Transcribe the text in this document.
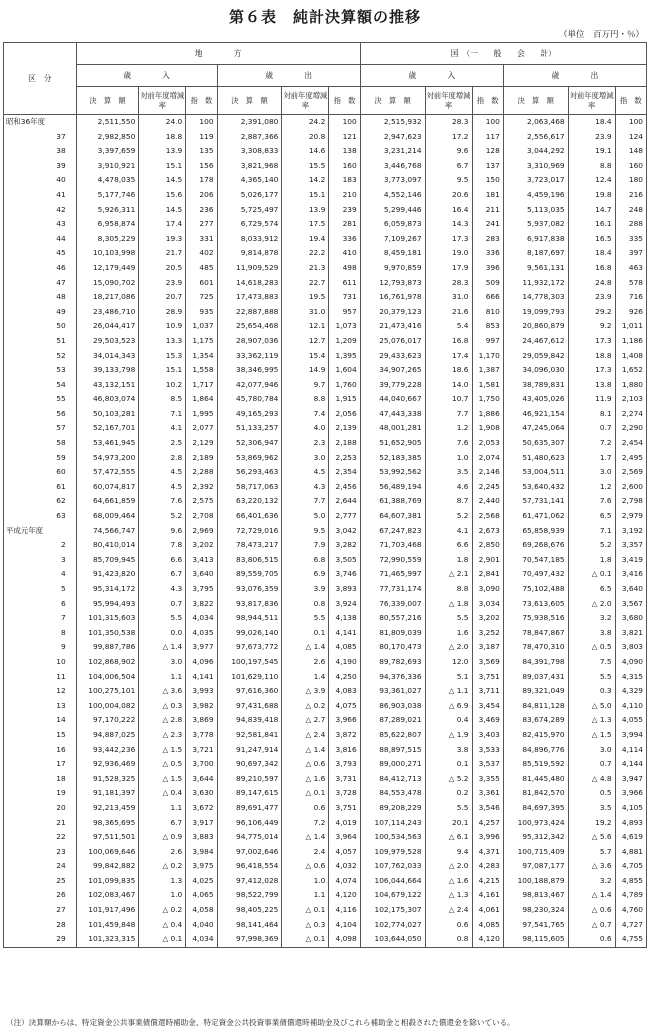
第６表　純計決算額の推移
（単位　百万円・％）
区　分	地　　　　方						国　（一　　般　　会　　計）					
	歳　　　　入			歳　　　　出			歳　　　　入			歳　　　　出		
	決　算　額	対前年度増減率	指　数	決　算　額	対前年度増減率	指　数	決　算　額	対前年度増減率	指　数	決　算　額	対前年度増減率	指　数
昭和36年度	2,511,550	24.0	100	2,391,080	24.2	100	2,515,932	28.3	100	2,063,468	18.4	100
37	2,982,850	18.8	119	2,887,366	20.8	121	2,947,623	17.2	117	2,556,617	23.9	124
38	3,397,659	13.9	135	3,308,833	14.6	138	3,231,214	9.6	128	3,044,292	19.1	148
39	3,910,921	15.1	156	3,821,968	15.5	160	3,446,768	6.7	137	3,310,969	8.8	160
40	4,478,035	14.5	178	4,365,140	14.2	183	3,773,097	9.5	150	3,723,017	12.4	180
41	5,177,746	15.6	206	5,026,177	15.1	210	4,552,146	20.6	181	4,459,196	19.8	216
42	5,926,311	14.5	236	5,725,497	13.9	239	5,299,446	16.4	211	5,113,035	14.7	248
43	6,958,874	17.4	277	6,729,574	17.5	281	6,059,873	14.3	241	5,937,082	16.1	288
44	8,305,229	19.3	331	8,033,912	19.4	336	7,109,267	17.3	283	6,917,838	16.5	335
45	10,103,998	21.7	402	9,814,878	22.2	410	8,459,181	19.0	336	8,187,697	18.4	397
46	12,179,449	20.5	485	11,909,529	21.3	498	9,970,859	17.9	396	9,561,131	16.8	463
47	15,090,702	23.9	601	14,618,283	22.7	611	12,793,873	28.3	509	11,932,172	24.8	578
48	18,217,086	20.7	725	17,473,883	19.5	731	16,761,978	31.0	666	14,778,303	23.9	716
49	23,486,710	28.9	935	22,887,888	31.0	957	20,379,123	21.6	810	19,099,793	29.2	926
50	26,044,417	10.9	1,037	25,654,468	12.1	1,073	21,473,416	5.4	853	20,860,879	9.2	1,011
51	29,503,523	13.3	1,175	28,907,036	12.7	1,209	25,076,017	16.8	997	24,467,612	17.3	1,186
52	34,014,343	15.3	1,354	33,362,119	15.4	1,395	29,433,623	17.4	1,170	29,059,842	18.8	1,408
53	39,133,798	15.1	1,558	38,346,995	14.9	1,604	34,907,265	18.6	1,387	34,096,030	17.3	1,652
54	43,132,151	10.2	1,717	42,077,946	9.7	1,760	39,779,228	14.0	1,581	38,789,831	13.8	1,880
55	46,803,074	8.5	1,864	45,780,784	8.8	1,915	44,040,667	10.7	1,750	43,405,026	11.9	2,103
56	50,103,281	7.1	1,995	49,165,293	7.4	2,056	47,443,338	7.7	1,886	46,921,154	8.1	2,274
57	52,167,701	4.1	2,077	51,133,257	4.0	2,139	48,001,281	1.2	1,908	47,245,064	0.7	2,290
58	53,461,945	2.5	2,129	52,306,947	2.3	2,188	51,652,905	7.6	2,053	50,635,307	7.2	2,454
59	54,973,200	2.8	2,189	53,869,962	3.0	2,253	52,183,385	1.0	2,074	51,480,623	1.7	2,495
60	57,472,555	4.5	2,288	56,293,463	4.5	2,354	53,992,562	3.5	2,146	53,004,511	3.0	2,569
61	60,074,817	4.5	2,392	58,717,063	4.3	2,456	56,489,194	4.6	2,245	53,640,432	1.2	2,600
62	64,661,859	7.6	2,575	63,220,132	7.7	2,644	61,388,769	8.7	2,440	57,731,141	7.6	2,798
63	68,009,464	5.2	2,708	66,401,636	5.0	2,777	64,607,381	5.2	2,568	61,471,062	6.5	2,979
平成元年度	74,566,747	9.6	2,969	72,729,016	9.5	3,042	67,247,823	4.1	2,673	65,858,939	7.1	3,192
2	80,410,014	7.8	3,202	78,473,217	7.9	3,282	71,703,468	6.6	2,850	69,268,676	5.2	3,357
3	85,709,945	6.6	3,413	83,806,515	6.8	3,505	72,990,559	1.8	2,901	70,547,185	1.8	3,419
4	91,423,820	6.7	3,640	89,559,705	6.9	3,746	71,465,997	△ 2.1	2,841	70,497,432	△ 0.1	3,416
5	95,314,172	4.3	3,795	93,076,359	3.9	3,893	77,731,174	8.8	3,090	75,102,488	6.5	3,640
6	95,994,493	0.7	3,822	93,817,836	0.8	3,924	76,339,007	△ 1.8	3,034	73,613,605	△ 2.0	3,567
7	101,315,603	5.5	4,034	98,944,511	5.5	4,138	80,557,216	5.5	3,202	75,938,516	3.2	3,680
8	101,350,538	0.0	4,035	99,026,140	0.1	4,141	81,809,039	1.6	3,252	78,847,867	3.8	3,821
9	99,887,786	△ 1.4	3,977	97,673,772	△ 1.4	4,085	80,170,473	△ 2.0	3,187	78,470,310	△ 0.5	3,803
10	102,868,902	3.0	4,096	100,197,545	2.6	4,190	89,782,693	12.0	3,569	84,391,798	7.5	4,090
11	104,006,504	1.1	4,141	101,629,110	1.4	4,250	94,376,336	5.1	3,751	89,037,431	5.5	4,315
12	100,275,101	△ 3.6	3,993	97,616,360	△ 3.9	4,083	93,361,027	△ 1.1	3,711	89,321,049	0.3	4,329
13	100,004,082	△ 0.3	3,982	97,431,688	△ 0.2	4,075	86,903,038	△ 6.9	3,454	84,811,128	△ 5.0	4,110
14	97,170,222	△ 2.8	3,869	94,839,418	△ 2.7	3,966	87,289,021	0.4	3,469	83,674,289	△ 1.3	4,055
15	94,887,025	△ 2.3	3,778	92,581,841	△ 2.4	3,872	85,622,807	△ 1.9	3,403	82,415,970	△ 1.5	3,994
16	93,442,236	△ 1.5	3,721	91,247,914	△ 1.4	3,816	88,897,515	3.8	3,533	84,896,776	3.0	4,114
17	92,936,469	△ 0.5	3,700	90,697,342	△ 0.6	3,793	89,000,271	0.1	3,537	85,519,592	0.7	4,144
18	91,528,325	△ 1.5	3,644	89,210,597	△ 1.6	3,731	84,412,713	△ 5.2	3,355	81,445,480	△ 4.8	3,947
19	91,181,397	△ 0.4	3,630	89,147,615	△ 0.1	3,728	84,553,478	0.2	3,361	81,842,570	0.5	3,966
20	92,213,459	1.1	3,672	89,691,477	0.6	3,751	89,208,229	5.5	3,546	84,697,395	3.5	4,105
21	98,365,695	6.7	3,917	96,106,449	7.2	4,019	107,114,243	20.1	4,257	100,973,424	19.2	4,893
22	97,511,501	△ 0.9	3,883	94,775,014	△ 1.4	3,964	100,534,563	△ 6.1	3,996	95,312,342	△ 5.6	4,619
23	100,069,646	2.6	3,984	97,002,646	2.4	4,057	109,979,528	9.4	4,371	100,715,409	5.7	4,881
24	99,842,882	△ 0.2	3,975	96,418,554	△ 0.6	4,032	107,762,033	△ 2.0	4,283	97,087,177	△ 3.6	4,705
25	101,099,835	1.3	4,025	97,412,028	1.0	4,074	106,044,664	△ 1.6	4,215	100,188,879	3.2	4,855
26	102,083,467	1.0	4,065	98,522,799	1.1	4,120	104,679,122	△ 1.3	4,161	98,813,467	△ 1.4	4,789
27	101,917,496	△ 0.2	4,058	98,405,225	△ 0.1	4,116	102,175,307	△ 2.4	4,061	98,230,324	△ 0.6	4,760
28	101,459,848	△ 0.4	4,040	98,141,464	△ 0.3	4,104	102,774,027	0.6	4,085	97,541,765	△ 0.7	4,727
29	101,323,315	△ 0.1	4,034	97,998,369	△ 0.1	4,098	103,644,050	0.8	4,120	98,115,605	0.6	4,755
（注）決算額からは、特定資金公共事業債償還時補助金、特定資金公共投資事業債償還時補助金及びこれら補助金と相殺された償還金を除いている。
